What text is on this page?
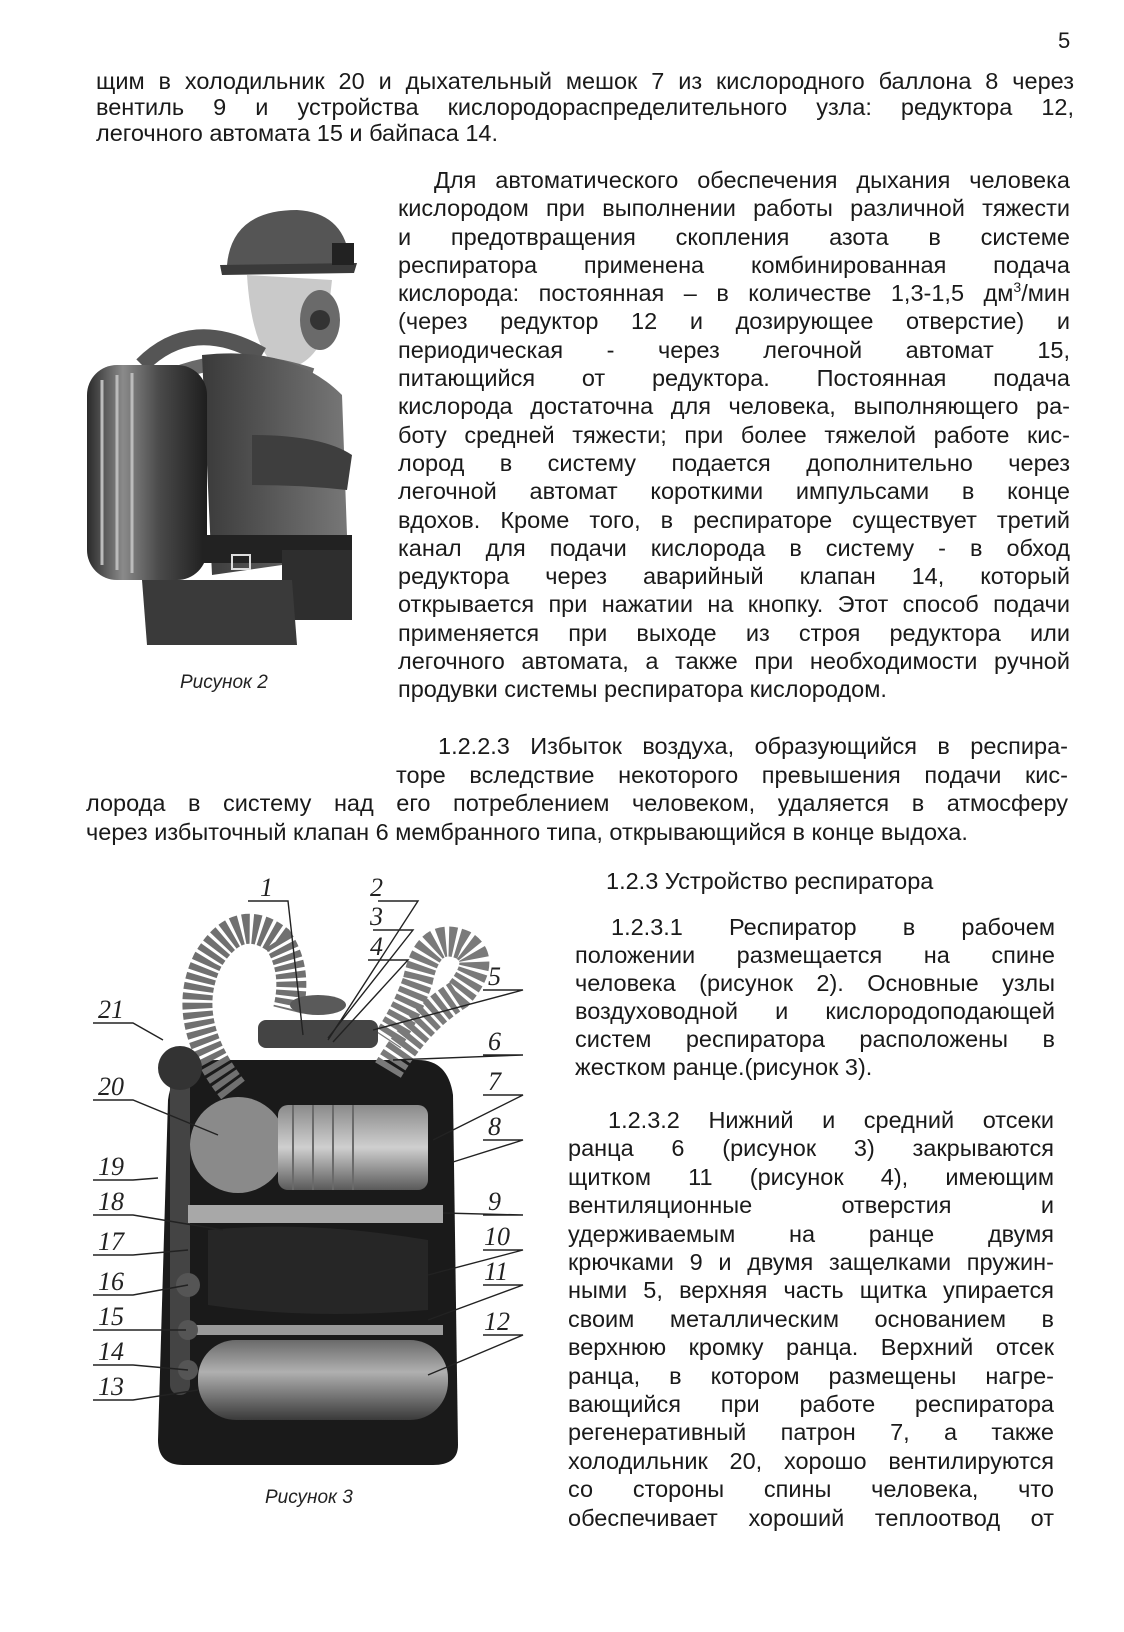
5
щим в холодильник 20 и дыхательный мешок 7 из кислородного баллона 8 через
вентиль 9 и устройства кислородораспределительного узла: редуктора 12,
легочного автомата 15 и байпаса 14.
Рисунок 2
Для автоматического обеспечения дыхания человека
кислородом при выполнении работы различной тяжести
и предотвращения скопления азота в системе
респиратора применена комбинированная подача
кислорода: постоянная – в количестве 1,3-1,5 $дм^3$/мин
(через редуктор 12 и дозирующее отверстие) и
периодическая - через легочной автомат 15,
питающийся от редуктора. Постоянная подача
кислорода достаточна для человека, выполняющего ра-
боту средней тяжести; при более тяжелой работе кис-
лород в систему подается дополнительно через
легочной автомат короткими импульсами в конце
вдохов. Кроме того, в респираторе существует третий
канал для подачи кислорода в систему - в обход
редуктора через аварийный клапан 14, который
открывается при нажатии на кнопку. Этот способ подачи
применяется при выходе из строя редуктора или
легочного автомата, а также при необходимости ручной
продувки системы респиратора кислородом.
1.2.2.3 Избыток воздуха, образующийся в респира-
торе вследствие некоторого превышения подачи кис-
лорода в систему над его потреблением человеком, удаляется в атмосферу
через избыточный клапан 6 мембранного типа, открывающийся в конце выдоха.
1.2.3 Устройство респиратора
1	2
3
4
5
6
7
8
9
10
11
12
13
14
15
16
17
18
19
20
21
Рисунок 3
1.2.3.1 Респиратор в рабочем
положении размещается на спине
человека (рисунок 2). Основные узлы
воздуховодной и кислородоподающей
систем респиратора расположены в
жестком ранце.(рисунок 3).
1.2.3.2 Нижний и средний отсеки
ранца 6 (рисунок 3) закрываются
щитком 11 (рисунок 4), имеющим
вентиляционные отверстия и
удерживаемым на ранце двумя
крючками 9 и двумя защелками пружин-
ными 5, верхняя часть щитка упирается
своим металлическим основанием в
верхнюю кромку ранца. Верхний отсек
ранца, в котором размещены нагре-
вающийся при работе респиратора
регенеративный патрон 7, а также
холодильник 20, хорошо вентилируются
со стороны спины человека, что
обеспечивает хороший теплоотвод от
